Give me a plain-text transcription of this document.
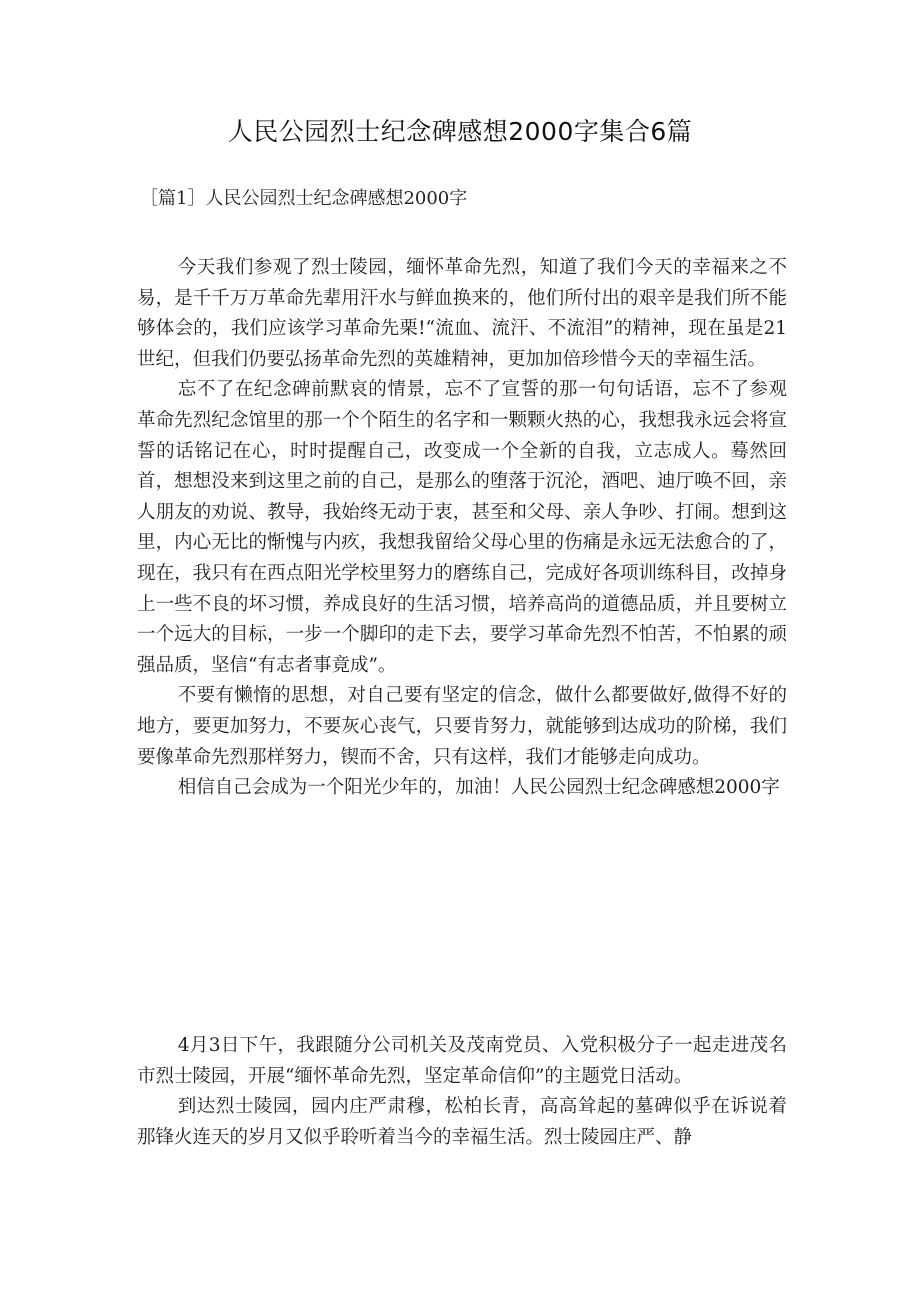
人民公园烈士纪念碑感想2000字集合6篇
［篇1］人民公园烈士纪念碑感想2000字

今天我们参观了烈士陵园，缅怀革命先烈，知道了我们今天的幸福来之不易，是千千万万革命先辈用汗水与鲜血换来的，他们所付出的艰辛是我们所不能够体会的，我们应该学习革命先栗!“流血、流汗、不流泪”的精神，现在虽是21世纪，但我们仍要弘扬革命先烈的英雄精神，更加加倍珍惜今天的幸福生活。

忘不了在纪念碑前默哀的情景，忘不了宣誓的那一句句话语，忘不了参观革命先烈纪念馆里的那一个个陌生的名字和一颗颗火热的心，我想我永远会将宣誓的话铭记在心，时时提醒自己，改变成一个全新的自我，立志成人。蓦然回首，想想没来到这里之前的自己，是那么的堕落于沉沦，酒吧、迪厅唤不回，亲人朋友的劝说、教导，我始终无动于衷，甚至和父母、亲人争吵、打闹。想到这里，内心无比的惭愧与内疚，我想我留给父母心里的伤痛是永远无法愈合的了，现在，我只有在西点阳光学校里努力的磨练自己，完成好各项训练科目，改掉身上一些不良的坏习惯，养成良好的生活习惯，培养高尚的道德品质，并且要树立一个远大的目标，一步一个脚印的走下去，要学习革命先烈不怕苦，不怕累的顽强品质，坚信“有志者事竟成”。

不要有懒惰的思想，对自己要有坚定的信念，做什么都要做好,做得不好的地方，要更加努力，不要灰心丧气，只要肯努力，就能够到达成功的阶梯，我们要像革命先烈那样努力，锲而不舍，只有这样，我们才能够走向成功。

相信自己会成为一个阳光少年的，加油！人民公园烈士纪念碑感想2000字

4月3日下午，我跟随分公司机关及茂南党员、入党积极分子一起走进茂名市烈士陵园，开展“缅怀革命先烈，坚定革命信仰”的主题党日活动。

到达烈士陵园，园内庄严肃穆，松柏长青，高高耸起的墓碑似乎在诉说着那锋火连天的岁月又似乎聆听着当今的幸福生活。烈士陵园庄严、静
